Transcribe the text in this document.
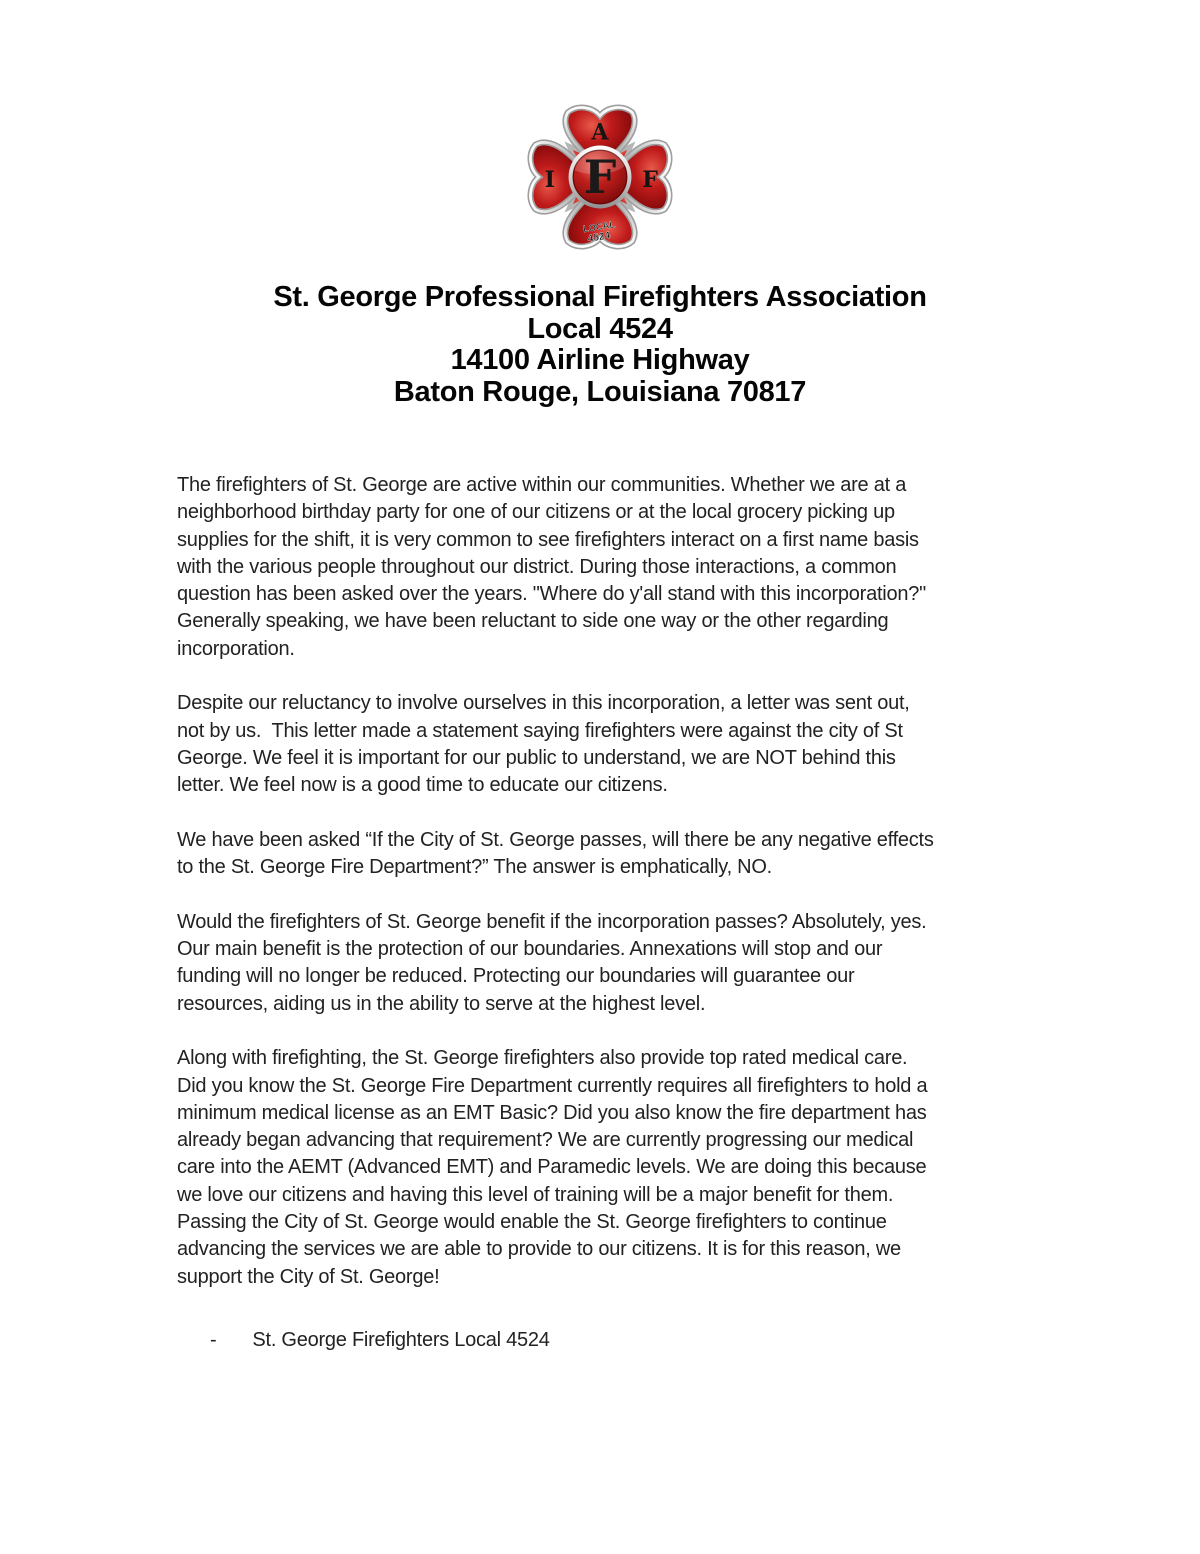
A
I	F
F
LOCAL
4524
St. George Professional Firefighters Association
Local 4524
14100 Airline Highway
Baton Rouge, Louisiana 70817

The firefighters of St. George are active within our communities. Whether we are at a
neighborhood birthday party for one of our citizens or at the local grocery picking up
supplies for the shift, it is very common to see firefighters interact on a first name basis
with the various people throughout our district. During those interactions, a common
question has been asked over the years. "Where do y'all stand with this incorporation?"
Generally speaking, we have been reluctant to side one way or the other regarding
incorporation.

Despite our reluctancy to involve ourselves in this incorporation, a letter was sent out,
not by us.  This letter made a statement saying firefighters were against the city of St
George. We feel it is important for our public to understand, we are NOT behind this
letter. We feel now is a good time to educate our citizens.

We have been asked “If the City of St. George passes, will there be any negative effects
to the St. George Fire Department?” The answer is emphatically, NO.

Would the firefighters of St. George benefit if the incorporation passes? Absolutely, yes.
Our main benefit is the protection of our boundaries. Annexations will stop and our
funding will no longer be reduced. Protecting our boundaries will guarantee our
resources, aiding us in the ability to serve at the highest level.

Along with firefighting, the St. George firefighters also provide top rated medical care.
Did you know the St. George Fire Department currently requires all firefighters to hold a
minimum medical license as an EMT Basic? Did you also know the fire department has
already began advancing that requirement? We are currently progressing our medical
care into the AEMT (Advanced EMT) and Paramedic levels. We are doing this because
we love our citizens and having this level of training will be a major benefit for them.
Passing the City of St. George would enable the St. George firefighters to continue
advancing the services we are able to provide to our citizens. It is for this reason, we
support the City of St. George!

- St. George Firefighters Local 4524
